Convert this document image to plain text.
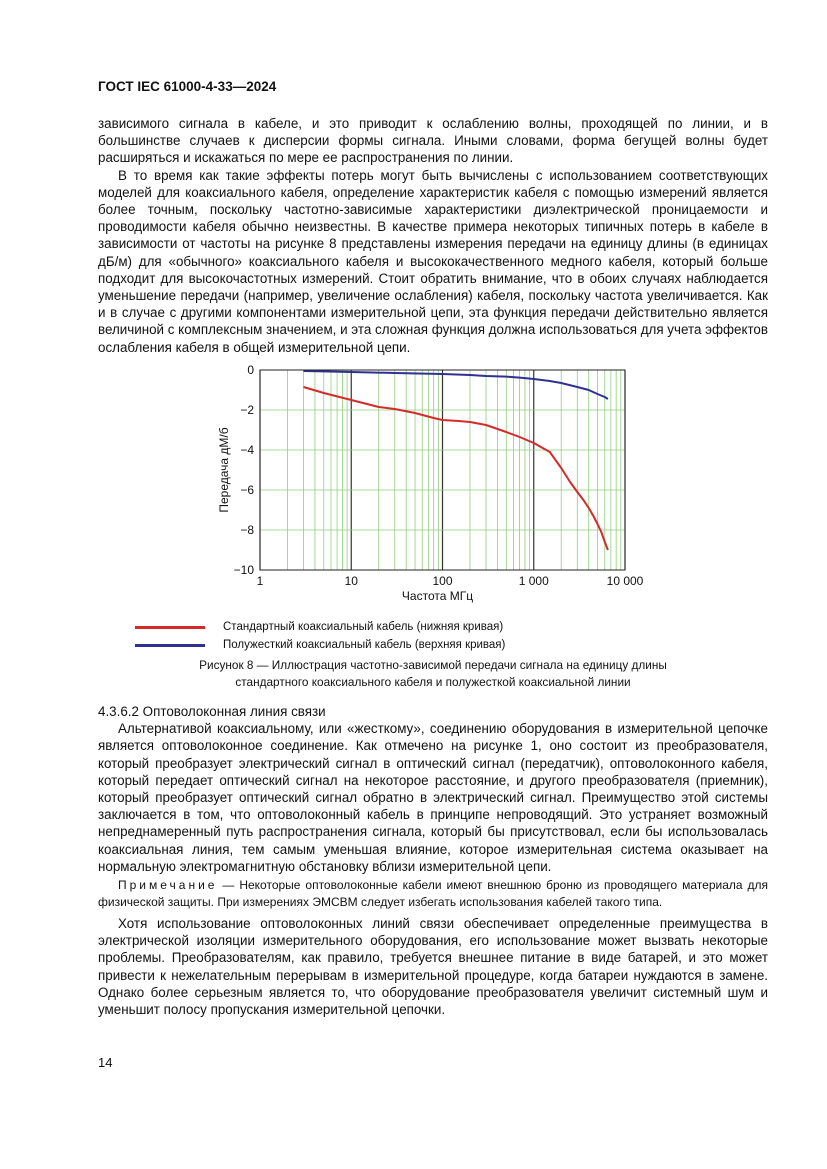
ГОСТ IEC 61000-4-33—2024

зависимого сигнала в кабеле, и это приводит к ослаблению волны, проходящей по линии, и в большинстве случаев к дисперсии формы сигнала. Иными словами, форма бегущей волны будет расширяться и искажаться по мере ее распространения по линии.

В то время как такие эффекты потерь могут быть вычислены с использованием соответствующих моделей для коаксиального кабеля, определение характеристик кабеля с помощью измерений является более точным, поскольку частотно-зависимые характеристики диэлектрической проницаемости и проводимости кабеля обычно неизвестны. В качестве примера некоторых типичных потерь в кабеле в зависимости от частоты на рисунке 8 представлены измерения передачи на единицу длины (в единицах дБ/м) для «обычного» коаксиального кабеля и высококачественного медного кабеля, который больше подходит для высокочастотных измерений. Стоит обратить внимание, что в обоих случаях наблюдается уменьшение передачи (например, увеличение ослабления) кабеля, поскольку частота увеличивается. Как и в случае с другими компонентами измерительной цепи, эта функция передачи действительно является величиной с комплексным значением, и эта сложная функция должна использоваться для учета эффектов ослабления кабеля в общей измерительной цепи.

1	10	100	1 000	10 000
0
−2
−4
−6
−8
−10
Частота МГц
Передача дМ/б
Стандартный коаксиальный кабель (нижняя кривая)
Полужесткий коаксиальный кабель (верхняя кривая)
Рисунок 8 — Иллюстрация частотно-зависимой передачи сигнала на единицу длины
стандартного коаксиального кабеля и полужесткой коаксиальной линии

4.3.6.2 Оптоволоконная линия связи

Альтернативой коаксиальному, или «жесткому», соединению оборудования в измерительной цепочке является оптоволоконное соединение. Как отмечено на рисунке 1, оно состоит из преобразователя, который преобразует электрический сигнал в оптический сигнал (передатчик), оптоволоконного кабеля, который передает оптический сигнал на некоторое расстояние, и другого преобразователя (приемник), который преобразует оптический сигнал обратно в электрический сигнал. Преимущество этой системы заключается в том, что оптоволоконный кабель в принципе непроводящий. Это устраняет возможный непреднамеренный путь распространения сигнала, который бы присутствовал, если бы использовалась коаксиальная линия, тем самым уменьшая влияние, которое измерительная система оказывает на нормальную электромагнитную обстановку вблизи измерительной цепи.

Примечание — Некоторые оптоволоконные кабели имеют внешнюю броню из проводящего материала для физической защиты. При измерениях ЭМСВМ следует избегать использования кабелей такого типа.

Хотя использование оптоволоконных линий связи обеспечивает определенные преимущества в электрической изоляции измерительного оборудования, его использование может вызвать некоторые проблемы. Преобразователям, как правило, требуется внешнее питание в виде батарей, и это может привести к нежелательным перерывам в измерительной процедуре, когда батареи нуждаются в замене. Однако более серьезным является то, что оборудование преобразователя увеличит системный шум и уменьшит полосу пропускания измерительной цепочки.

14
